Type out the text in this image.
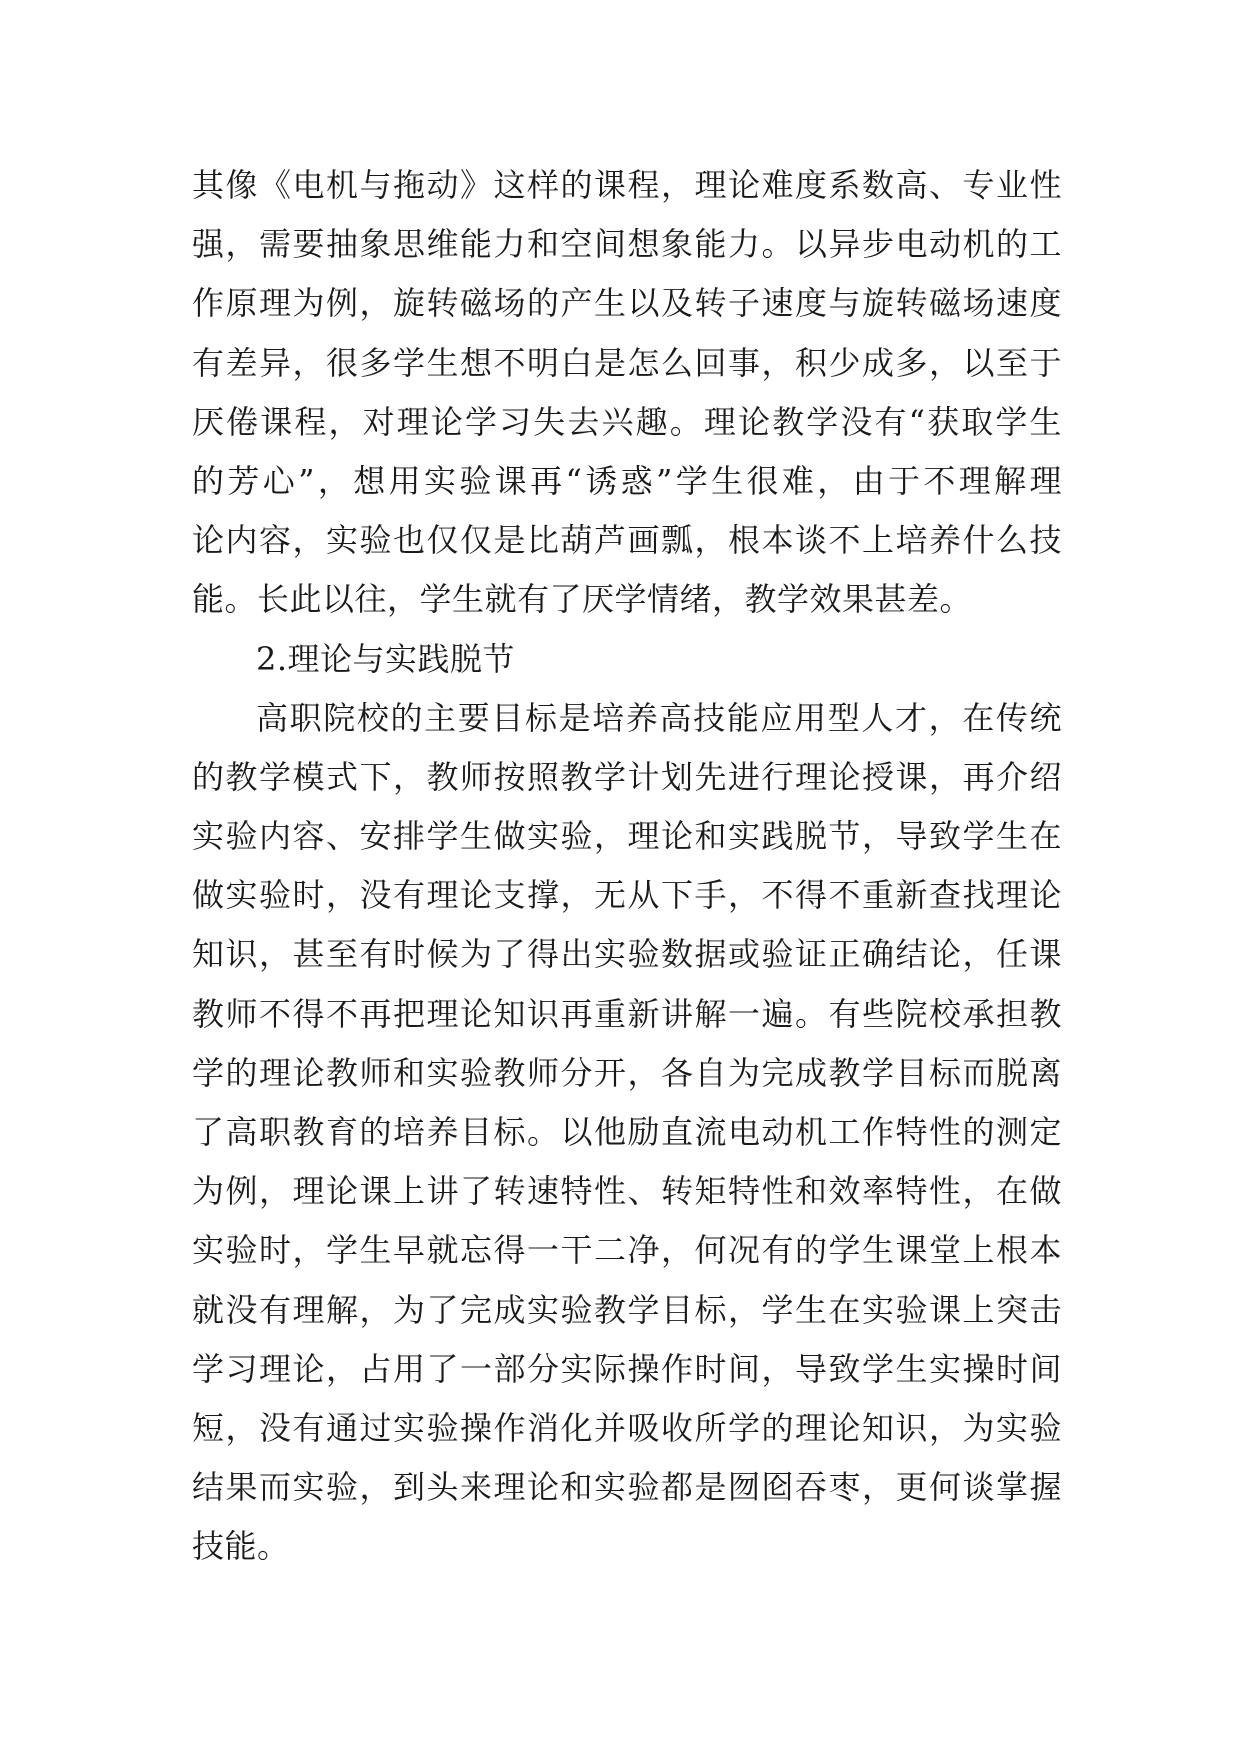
其像《电机与拖动》这样的课程，理论难度系数高、专业性
强，需要抽象思维能力和空间想象能力。以异步电动机的工
作原理为例，旋转磁场的产生以及转子速度与旋转磁场速度
有差异，很多学生想不明白是怎么回事，积少成多，以至于
厌倦课程，对理论学习失去兴趣。理论教学没有“获取学生
的芳心”，想用实验课再“诱惑”学生很难，由于不理解理
论内容，实验也仅仅是比葫芦画瓢，根本谈不上培养什么技
能。长此以往，学生就有了厌学情绪，教学效果甚差。
2.理论与实践脱节
高职院校的主要目标是培养高技能应用型人才，在传统
的教学模式下，教师按照教学计划先进行理论授课，再介绍
实验内容、安排学生做实验，理论和实践脱节，导致学生在
做实验时，没有理论支撑，无从下手，不得不重新查找理论
知识，甚至有时候为了得出实验数据或验证正确结论，任课
教师不得不再把理论知识再重新讲解一遍。有些院校承担教
学的理论教师和实验教师分开，各自为完成教学目标而脱离
了高职教育的培养目标。以他励直流电动机工作特性的测定
为例，理论课上讲了转速特性、转矩特性和效率特性，在做
实验时，学生早就忘得一干二净，何况有的学生课堂上根本
就没有理解，为了完成实验教学目标，学生在实验课上突击
学习理论，占用了一部分实际操作时间，导致学生实操时间
短，没有通过实验操作消化并吸收所学的理论知识，为实验
结果而实验，到头来理论和实验都是囫囵吞枣，更何谈掌握
技能。
